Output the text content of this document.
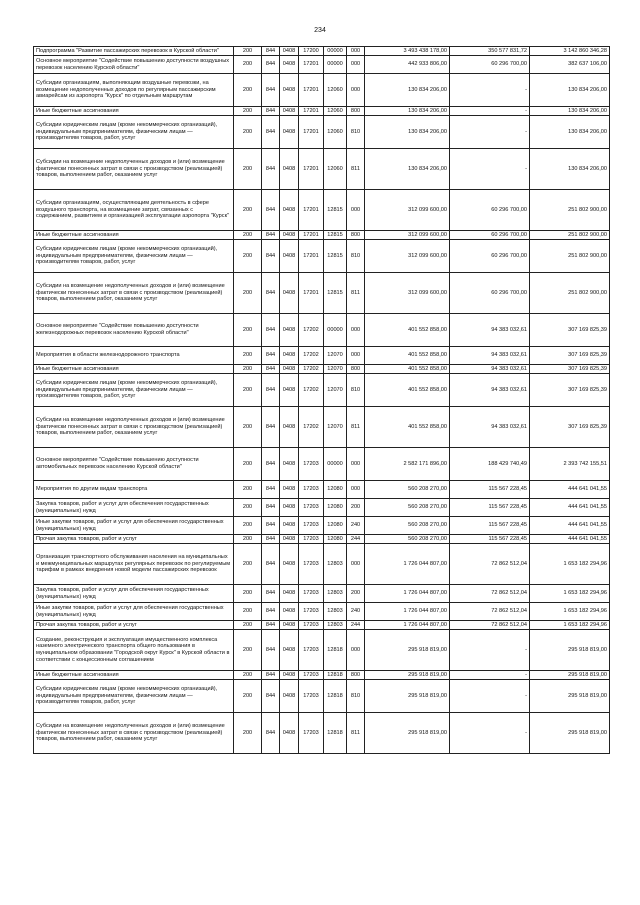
234
Подпрограмма "Развитие пассажирских перевозок в Курской области"	200	844	0408	17200	00000	000	3 493 438 178,00	350 577 831,72	3 142 860 346,28
Основное мероприятие "Содействие повышению доступности воздушных перевозок населению Курской области"	200	844	0408	17201	00000	000	442 933 806,00	60 296 700,00	382 637 106,00
Субсидии организациям, выполняющим воздушные перевозки, на возмещение недополученных доходов по регулярным пассажирским авиарейсам из аэропорта "Курск" по отдельным маршрутам	200	844	0408	17201	12060	000	130 834 206,00	-	130 834 206,00
Иные бюджетные ассигнования	200	844	0408	17201	12060	800	130 834 206,00	-	130 834 206,00
Субсидии юридическим лицам (кроме некоммерческих организаций), индивидуальным предпринимателям, физическим лицам — производителям товаров, работ, услуг	200	844	0408	17201	12060	810	130 834 206,00	-	130 834 206,00
Субсидии на возмещение недополученных доходов и (или) возмещение фактически понесенных затрат в связи с производством (реализацией) товаров, выполнением работ, оказанием услуг	200	844	0408	17201	12060	811	130 834 206,00	-	130 834 206,00
Субсидии организациям, осуществляющим деятельность в сфере воздушного транспорта, на возмещение затрат, связанных с содержанием, развитием и организацией эксплуатации аэропорта "Курск"	200	844	0408	17201	12815	000	312 099 600,00	60 296 700,00	251 802 900,00
Иные бюджетные ассигнования	200	844	0408	17201	12815	800	312 099 600,00	60 296 700,00	251 802 900,00
Субсидии юридическим лицам (кроме некоммерческих организаций), индивидуальным предпринимателям, физическим лицам — производителям товаров, работ, услуг	200	844	0408	17201	12815	810	312 099 600,00	60 296 700,00	251 802 900,00
Субсидии на возмещение недополученных доходов и (или) возмещение фактически понесенных затрат в связи с производством (реализацией) товаров, выполнением работ, оказанием услуг	200	844	0408	17201	12815	811	312 099 600,00	60 296 700,00	251 802 900,00
Основное мероприятие "Содействие повышению доступности железнодорожных перевозок населению Курской области"	200	844	0408	17202	00000	000	401 552 858,00	94 383 032,61	307 169 825,39
Мероприятия в области железнодорожного транспорта	200	844	0408	17202	12070	000	401 552 858,00	94 383 032,61	307 169 825,39
Иные бюджетные ассигнования	200	844	0408	17202	12070	800	401 552 858,00	94 383 032,61	307 169 825,39
Субсидии юридическим лицам (кроме некоммерческих организаций), индивидуальным предпринимателям, физическим лицам — производителям товаров, работ, услуг	200	844	0408	17202	12070	810	401 552 858,00	94 383 032,61	307 169 825,39
Субсидии на возмещение недополученных доходов и (или) возмещение фактически понесенных затрат в связи с производством (реализацией) товаров, выполнением работ, оказанием услуг	200	844	0408	17202	12070	811	401 552 858,00	94 383 032,61	307 169 825,39
Основное мероприятие "Содействие повышению доступности автомобильных перевозок населению Курской области"	200	844	0408	17203	00000	000	2 582 171 896,00	188 429 740,49	2 393 742 155,51
Мероприятия по другим видам транспорта	200	844	0408	17203	12080	000	560 208 270,00	115 567 228,45	444 641 041,55
Закупка товаров, работ и услуг для обеспечения государственных (муниципальных) нужд	200	844	0408	17203	12080	200	560 208 270,00	115 567 228,45	444 641 041,55
Иные закупки товаров, работ и услуг для обеспечения государственных (муниципальных) нужд	200	844	0408	17203	12080	240	560 208 270,00	115 567 228,45	444 641 041,55
Прочая закупка товаров, работ и услуг	200	844	0408	17203	12080	244	560 208 270,00	115 567 228,45	444 641 041,55
Организация транспортного обслуживания населения на муниципальных и межмуниципальных маршрутах регулярных перевозок по регулируемым тарифам в рамках внедрения новой модели пассажирских перевозок	200	844	0408	17203	12803	000	1 726 044 807,00	72 862 512,04	1 653 182 294,96
Закупка товаров, работ и услуг для обеспечения государственных (муниципальных) нужд	200	844	0408	17203	12803	200	1 726 044 807,00	72 862 512,04	1 653 182 294,96
Иные закупки товаров, работ и услуг для обеспечения государственных (муниципальных) нужд	200	844	0408	17203	12803	240	1 726 044 807,00	72 862 512,04	1 653 182 294,96
Прочая закупка товаров, работ и услуг	200	844	0408	17203	12803	244	1 726 044 807,00	72 862 512,04	1 653 182 294,96
Создание, реконструкция и эксплуатация имущественного комплекса наземного электрического транспорта общего пользования в муниципальном образовании "Городской округ Курск" в Курской области в соответствии с концессионным соглашением	200	844	0408	17203	12818	000	295 918 819,00	-	295 918 819,00
Иные бюджетные ассигнования	200	844	0408	17203	12818	800	295 918 819,00	-	295 918 819,00
Субсидии юридическим лицам (кроме некоммерческих организаций), индивидуальным предпринимателям, физическим лицам — производителям товаров, работ, услуг	200	844	0408	17203	12818	810	295 918 819,00	-	295 918 819,00
Субсидии на возмещение недополученных доходов и (или) возмещение фактически понесенных затрат в связи с производством (реализацией) товаров, выполнением работ, оказанием услуг	200	844	0408	17203	12818	811	295 918 819,00	-	295 918 819,00
